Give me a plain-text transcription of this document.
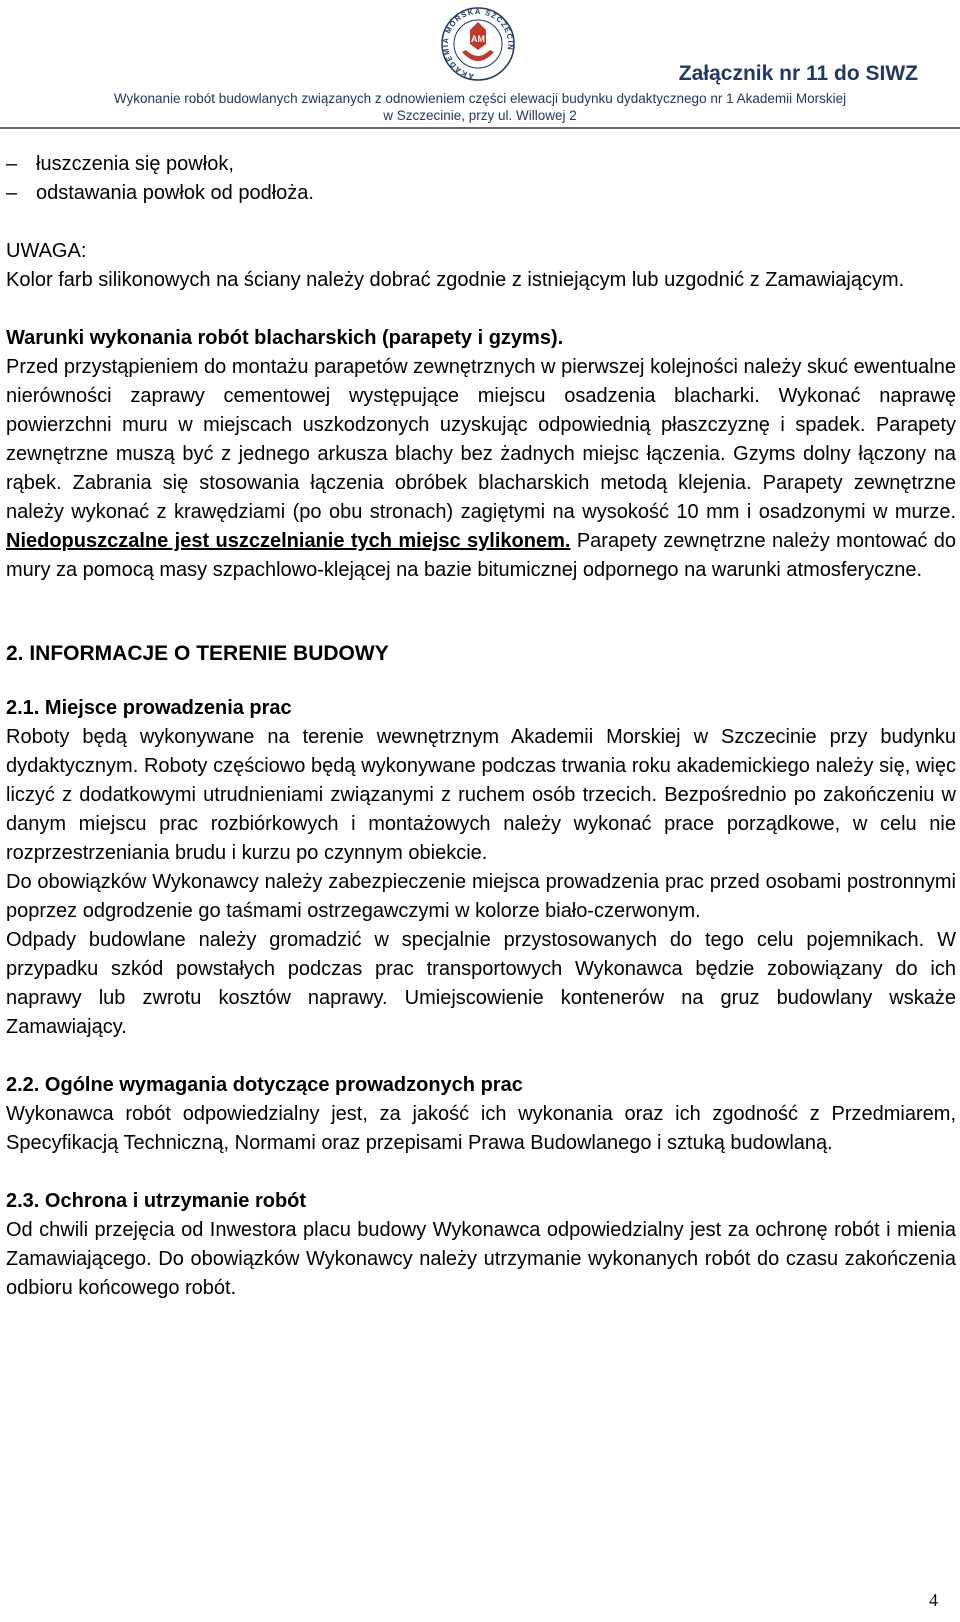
AKADEMIA MORSKA SZCZECIN
AM
Załącznik nr 11 do SIWZ
Wykonanie robót budowlanych związanych z odnowieniem części elewacji budynku dydaktycznego nr 1 Akademii Morskiej
w Szczecinie, przy ul. Willowej 2
– łuszczenia się powłok,
– odstawania powłok od podłoża.

UWAGA:

Kolor farb silikonowych na ściany należy dobrać zgodnie z istniejącym lub uzgodnić z Zamawiającym.

Warunki wykonania robót blacharskich (parapety i gzyms).

Przed przystąpieniem do montażu parapetów zewnętrznych w pierwszej kolejności należy skuć ewentualne nierówności zaprawy cementowej występujące miejscu osadzenia blacharki. Wykonać naprawę powierzchni muru w miejscach uszkodzonych uzyskując odpowiednią płaszczyznę i spadek. Parapety zewnętrzne muszą być z jednego arkusza blachy bez żadnych miejsc łączenia. Gzyms dolny łączony na rąbek. Zabrania się stosowania łączenia obróbek blacharskich metodą klejenia. Parapety zewnętrzne należy wykonać z krawędziami (po obu stronach) zagiętymi na wysokość 10 mm i osadzonymi w murze. Niedopuszczalne jest uszczelnianie tych miejsc sylikonem. Parapety zewnętrzne należy montować do mury za pomocą masy szpachlowo-klejącej na bazie bitumicznej odpornego na warunki atmosferyczne.

2. INFORMACJE O TERENIE BUDOWY

2.1. Miejsce prowadzenia prac

Roboty będą wykonywane na terenie wewnętrznym Akademii Morskiej w Szczecinie przy budynku dydaktycznym. Roboty częściowo będą wykonywane podczas trwania roku akademickiego należy się, więc liczyć z dodatkowymi utrudnieniami związanymi z ruchem osób trzecich. Bezpośrednio po zakończeniu w danym miejscu prac rozbiórkowych i montażowych należy wykonać prace porządkowe, w celu nie rozprzestrzeniania brudu i kurzu po czynnym obiekcie.

Do obowiązków Wykonawcy należy zabezpieczenie miejsca prowadzenia prac przed osobami postronnymi poprzez odgrodzenie go taśmami ostrzegawczymi w kolorze biało-czerwonym.

Odpady budowlane należy gromadzić w specjalnie przystosowanych do tego celu pojemnikach. W przypadku szkód powstałych podczas prac transportowych Wykonawca będzie zobowiązany do ich naprawy lub zwrotu kosztów naprawy. Umiejscowienie kontenerów na gruz budowlany wskaże Zamawiający.

2.2. Ogólne wymagania dotyczące prowadzonych prac

Wykonawca robót odpowiedzialny jest, za jakość ich wykonania oraz ich zgodność z Przedmiarem, Specyfikacją Techniczną, Normami oraz przepisami Prawa Budowlanego i sztuką budowlaną.

2.3. Ochrona i utrzymanie robót

Od chwili przejęcia od Inwestora placu budowy Wykonawca odpowiedzialny jest za ochronę robót i mienia Zamawiającego. Do obowiązków Wykonawcy należy utrzymanie wykonanych robót do czasu zakończenia odbioru końcowego robót.

4
